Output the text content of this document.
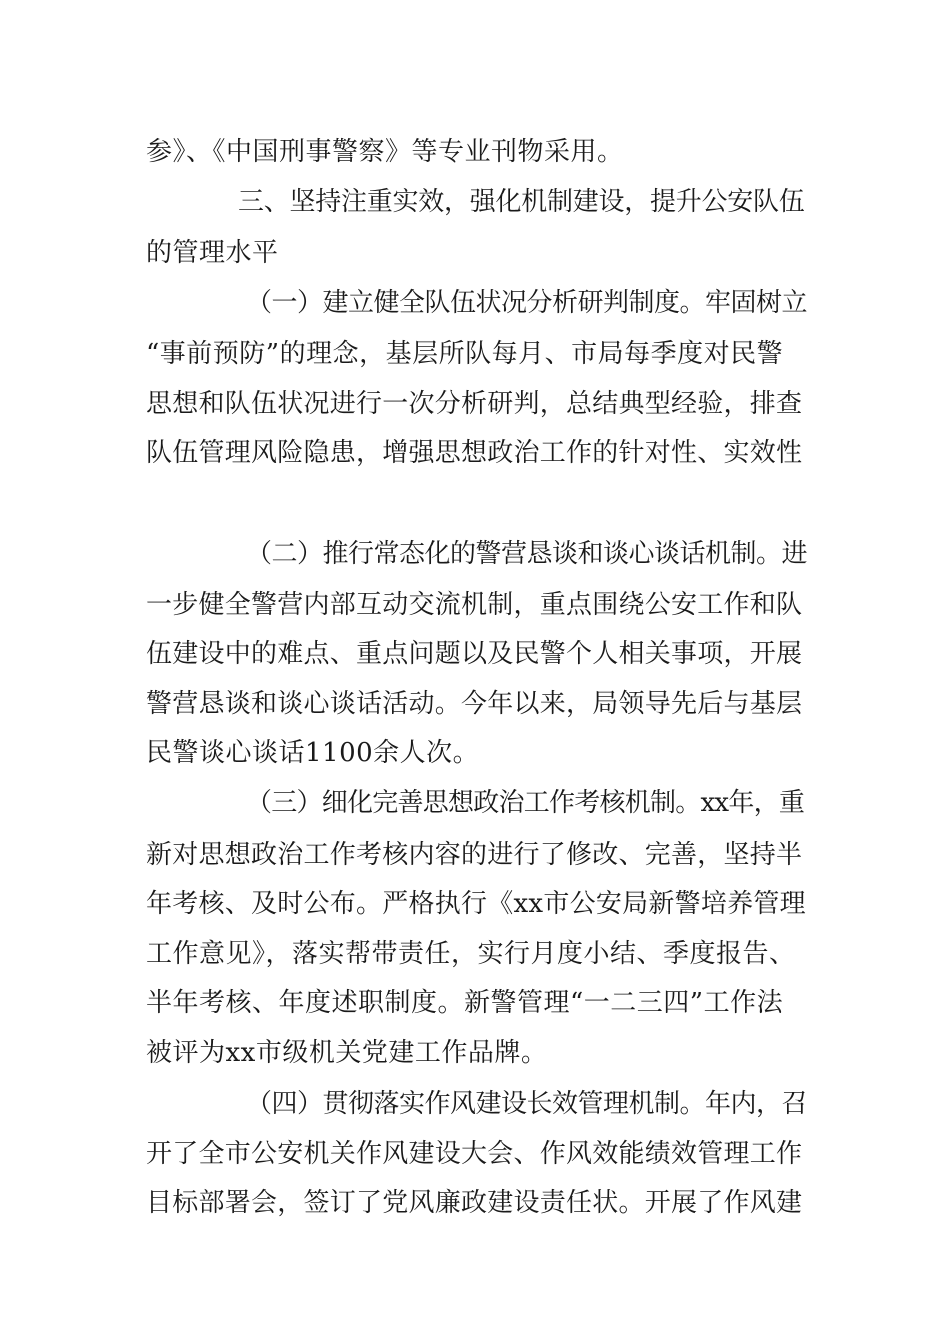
参》、《中国刑事警察》等专业刊物采用。
三、坚持注重实效，强化机制建设，提升公安队伍
的管理水平
（一）建立健全队伍状况分析研判制度。牢固树立
“事前预防”的理念，基层所队每月、市局每季度对民警
思想和队伍状况进行一次分析研判，总结典型经验，排查
队伍管理风险隐患，增强思想政治工作的针对性、实效性
（二）推行常态化的警营恳谈和谈心谈话机制。进
一步健全警营内部互动交流机制，重点围绕公安工作和队
伍建设中的难点、重点问题以及民警个人相关事项，开展
警营恳谈和谈心谈话活动。今年以来，局领导先后与基层
民警谈心谈话1100余人次。
（三）细化完善思想政治工作考核机制。xx年，重
新对思想政治工作考核内容的进行了修改、完善，坚持半
年考核、及时公布。严格执行《xx市公安局新警培养管理
工作意见》，落实帮带责任，实行月度小结、季度报告、
半年考核、年度述职制度。新警管理“一二三四”工作法
被评为xx市级机关党建工作品牌。
（四）贯彻落实作风建设长效管理机制。年内，召
开了全市公安机关作风建设大会、作风效能绩效管理工作
目标部署会，签订了党风廉政建设责任状。开展了作风建
